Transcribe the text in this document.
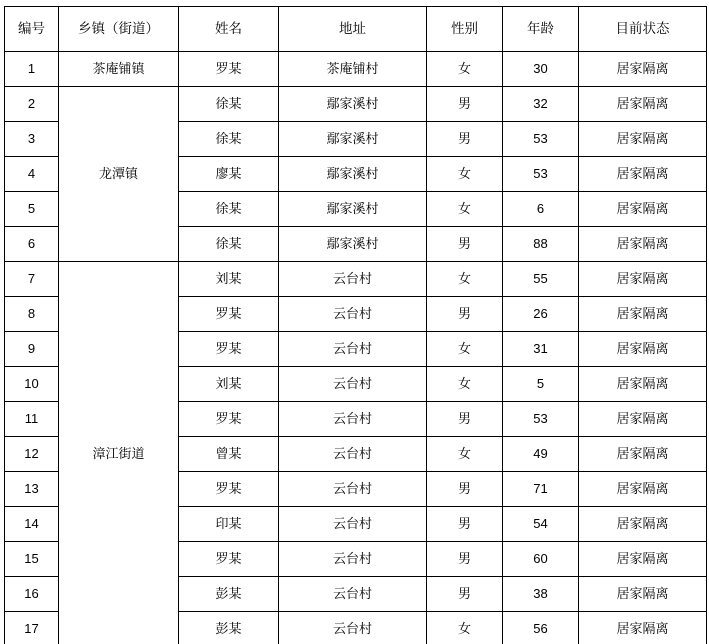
编号	乡镇（街道）	姓名	地址	性别	年龄	目前状态
1	茶庵铺镇	罗某	茶庵铺村	女	30	居家隔离
2	龙潭镇	徐某	鄢家溪村	男	32	居家隔离
3		徐某	鄢家溪村	男	53	居家隔离
4		廖某	鄢家溪村	女	53	居家隔离
5		徐某	鄢家溪村	女	6	居家隔离
6		徐某	鄢家溪村	男	88	居家隔离
7	漳江街道	刘某	云台村	女	55	居家隔离
8		罗某	云台村	男	26	居家隔离
9		罗某	云台村	女	31	居家隔离
10		刘某	云台村	女	5	居家隔离
11		罗某	云台村	男	53	居家隔离
12		曾某	云台村	女	49	居家隔离
13		罗某	云台村	男	71	居家隔离
14		印某	云台村	男	54	居家隔离
15		罗某	云台村	男	60	居家隔离
16		彭某	云台村	男	38	居家隔离
17		彭某	云台村	女	56	居家隔离
